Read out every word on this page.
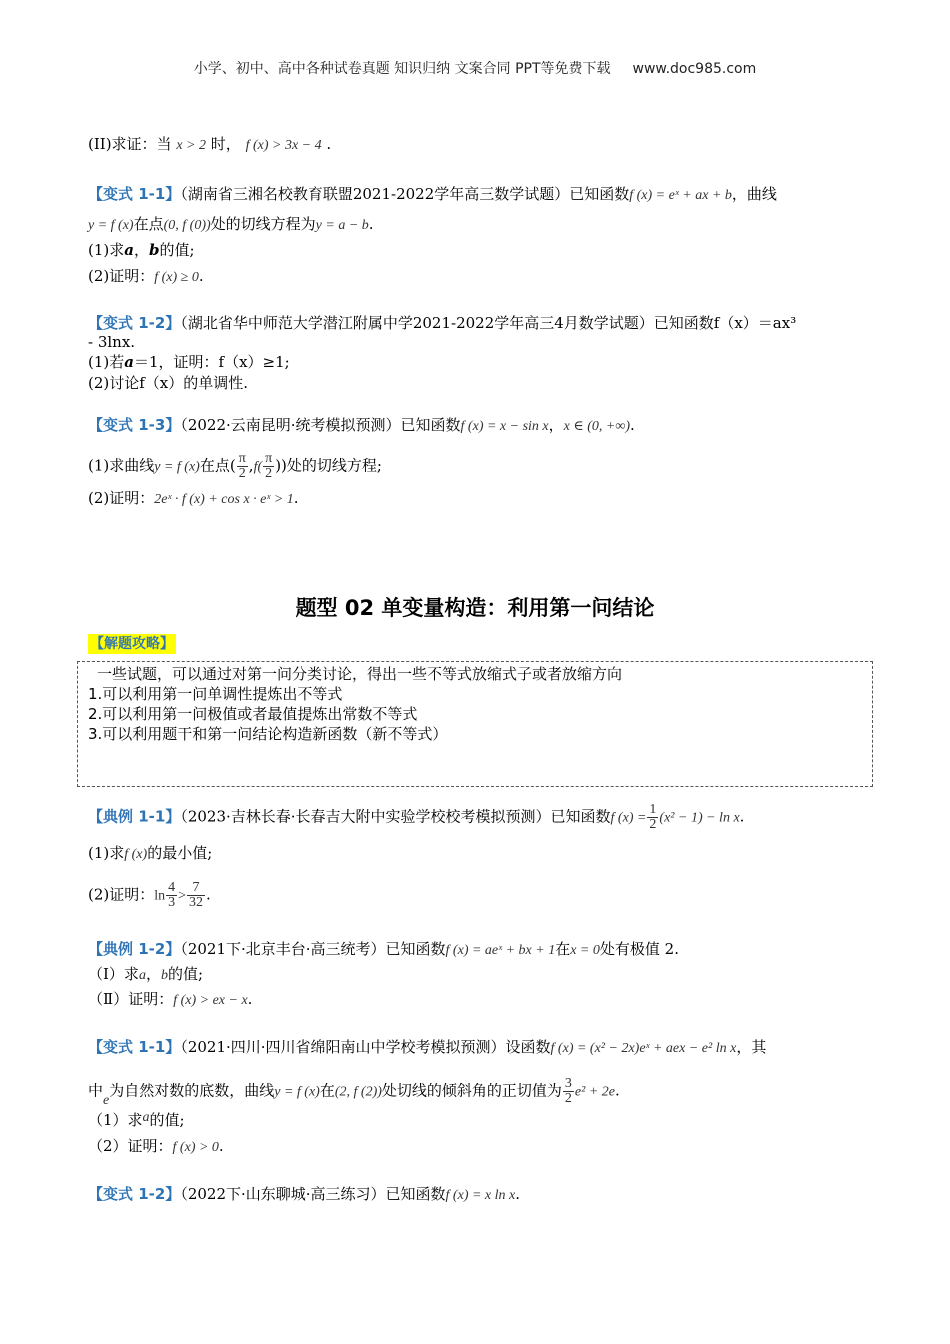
小学、初中、高中各种试卷真题 知识归纳 文案合同 PPT等免费下载 www.doc985.com
(II)求证：当 x > 2 时， f (x) > 3x − 4 .
【变式 1-1】（湖南省三湘名校教育联盟2021-2022学年高三数学试题）已知函数f (x) = eˣ + ax + b，曲线
y = f (x)在点(0, f (0))处的切线方程为y = a − b.
(1)求a，b的值;
(2)证明：f (x) ≥ 0.
【变式 1-2】（湖北省华中师范大学潜江附属中学2021-2022学年高三4月数学试题）已知函数f（x）＝ax³
- 3lnx.
(1)若a＝1，证明：f（x）≥1;
(2)讨论f（x）的单调性.
【变式 1-3】（2022·云南昆明·统考模拟预测）已知函数f (x) = x − sin x，x ∈ (0, +∞).
(1)求曲线y = f (x)在点( $\frac{\pi}{2} ,f( \frac{\pi}{2}$ ))处的切线方程;
(2)证明：2eˣ · f (x) + cos x · eˣ > 1.
题型 02 单变量构造：利用第一问结论
【解题攻略】
一些试题，可以通过对第一问分类讨论，得出一些不等式放缩式子或者放缩方向
1.可以利用第一问单调性提炼出不等式
2.可以利用第一问极值或者最值提炼出常数不等式
3.可以利用题干和第一问结论构造新函数（新不等式）
【典例 1-1】（2023·吉林长春·长春吉大附中实验学校校考模拟预测）已知函数f $(x) = \frac{1}{2} (x^2 - 1) - \ln x$.
(1)求f (x)的最小值;
(2)证明：$\ln \frac{4}{3} > \frac{7}{32}$ .
【典例 1-2】（2021下·北京丰台·高三统考）已知函数f (x) = aeˣ + bx + 1在x = 0处有极值 2.
（Ⅰ）求a，b的值;
（Ⅱ）证明：f (x) > ex − x.
【变式 1-1】（2021·四川·四川省绵阳南山中学校考模拟预测）设函数f (x) = (x² − 2x)eˣ + aex − e² ln x，其
中e为自然对数的底数，曲线y = f (x)在(2, f (2))处切线的倾斜角的正切值为 $\frac{3}{2} e^2 + 2e$.
（1）求a的值;
（2）证明：f (x) > 0.
【变式 1-2】（2022下·山东聊城·高三练习）已知函数f (x) = x ln x.
